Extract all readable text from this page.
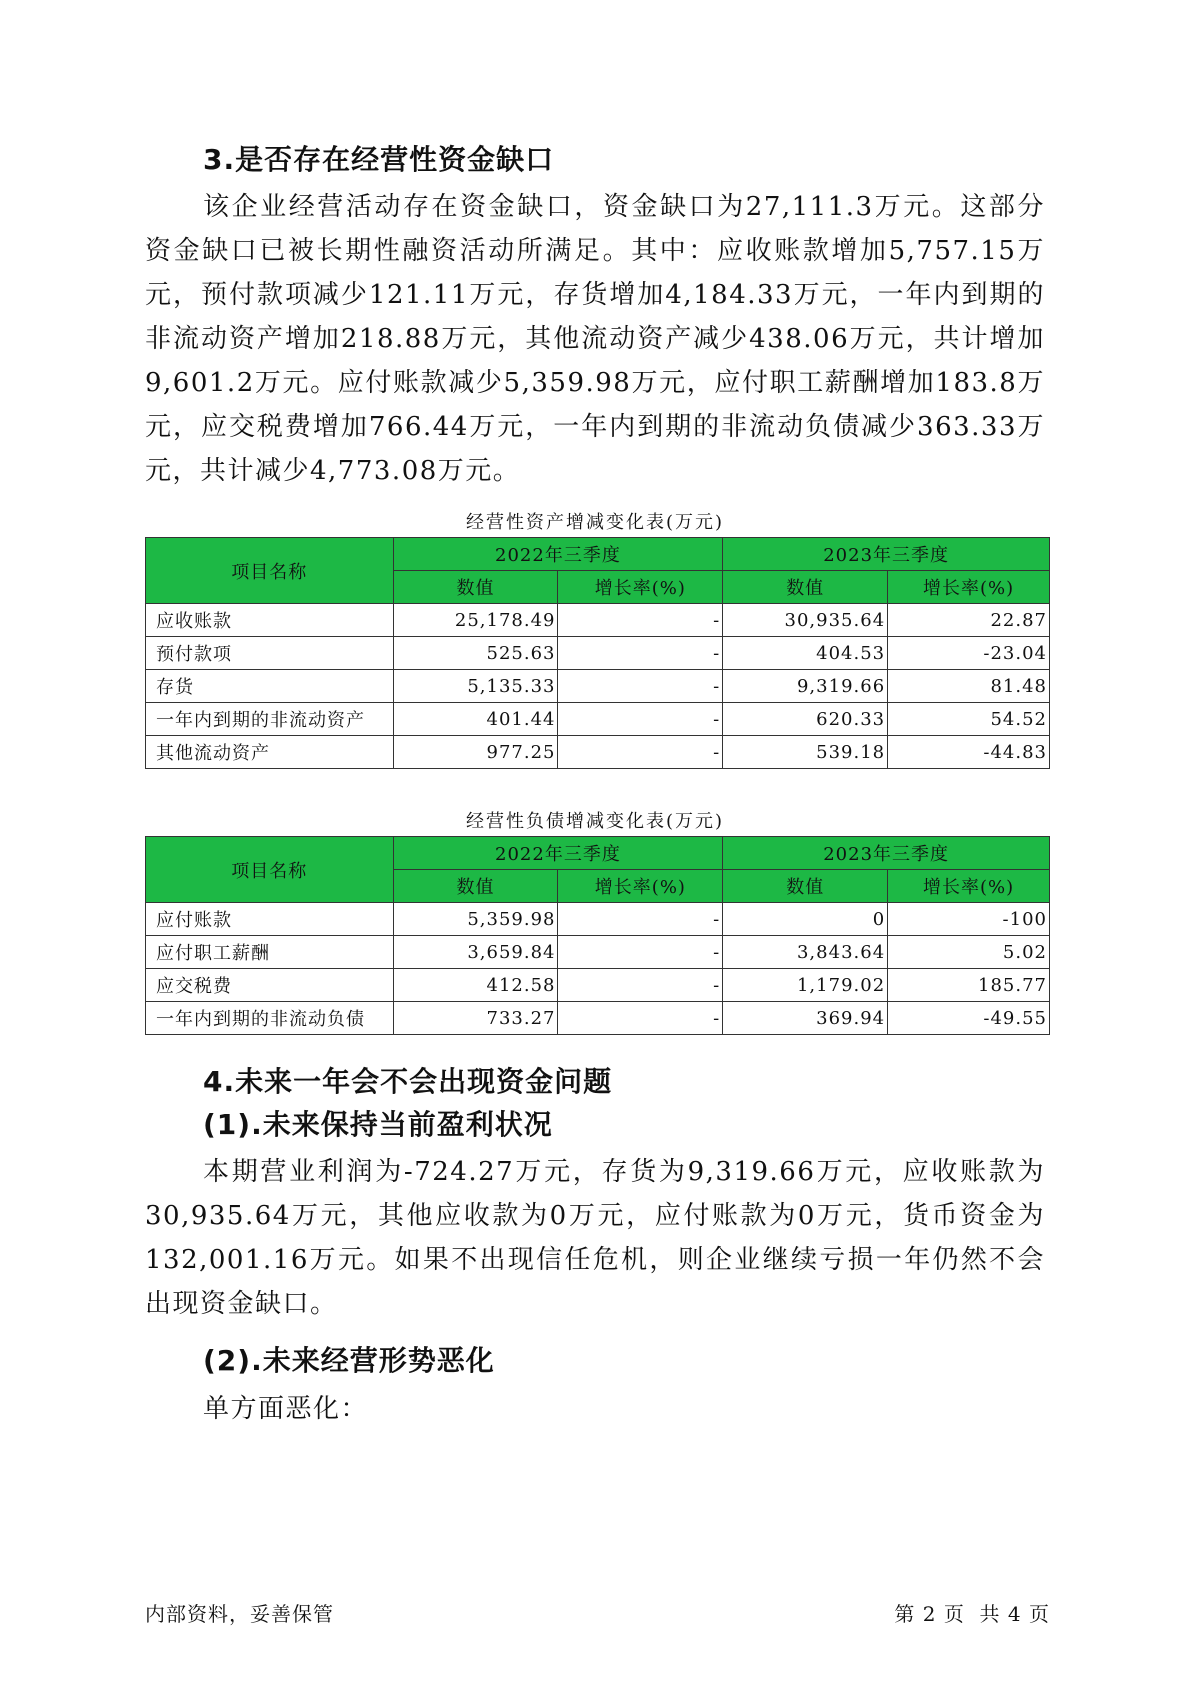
3.是否存在经营性资金缺口

该企业经营活动存在资金缺口，资金缺口为27,111.3万元。这部分资金缺口已被长期性融资活动所满足。其中：应收账款增加5,757.15万元，预付款项减少121.11万元，存货增加4,184.33万元，一年内到期的非流动资产增加218.88万元，其他流动资产减少438.06万元，共计增加9,601.2万元。应付账款减少5,359.98万元，应付职工薪酬增加183.8万元，应交税费增加766.44万元，一年内到期的非流动负债减少363.33万元，共计减少4,773.08万元。

经营性资产增减变化表(万元)

项目名称	2022年三季度		2023年三季度	
	数值	增长率(%)	数值	增长率(%)
应收账款	25,178.49	-	30,935.64	22.87
预付款项	525.63	-	404.53	-23.04
存货	5,135.33	-	9,319.66	81.48
一年内到期的非流动资产	401.44	-	620.33	54.52
其他流动资产	977.25	-	539.18	-44.83

经营性负债增减变化表(万元)

项目名称	2022年三季度		2023年三季度	
	数值	增长率(%)	数值	增长率(%)
应付账款	5,359.98	-	0	-100
应付职工薪酬	3,659.84	-	3,843.64	5.02
应交税费	412.58	-	1,179.02	185.77
一年内到期的非流动负债	733.27	-	369.94	-49.55
4.未来一年会不会出现资金问题
(1).未来保持当前盈利状况

本期营业利润为-724.27万元，存货为9,319.66万元，应收账款为30,935.64万元，其他应收款为0万元，应付账款为0万元，货币资金为132,001.16万元。如果不出现信任危机，则企业继续亏损一年仍然不会出现资金缺口。

(2).未来经营形势恶化

单方面恶化：

内部资料，妥善保管	第 2 页  共 4 页
